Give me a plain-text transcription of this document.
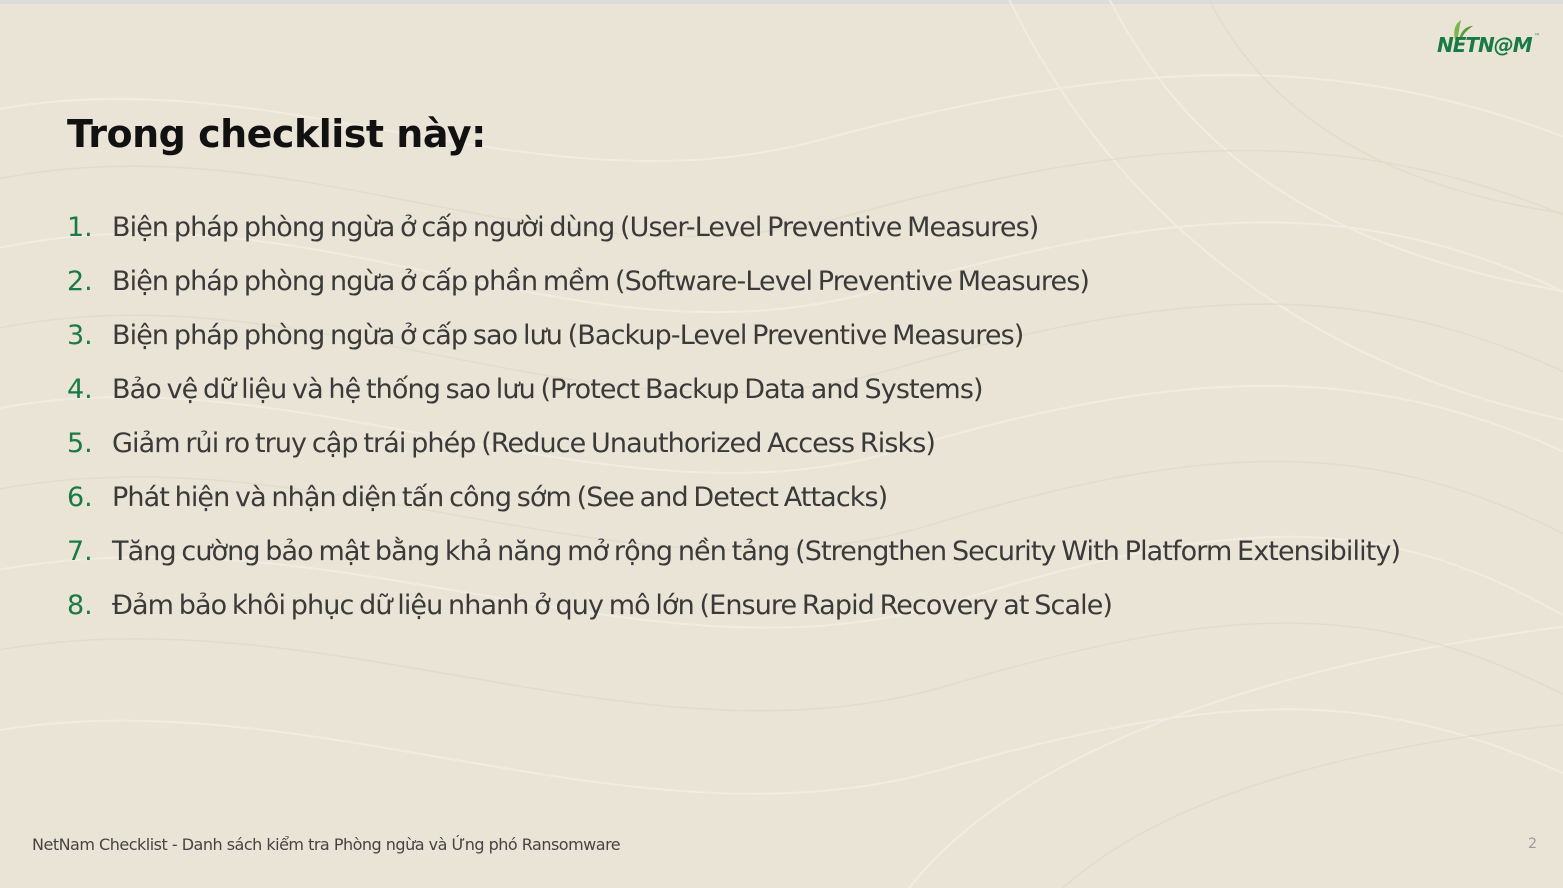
NETN@M ™
Trong checklist này:
1. Biện pháp phòng ngừa ở cấp người dùng (User-Level Preventive Measures)
2. Biện pháp phòng ngừa ở cấp phần mềm (Software-Level Preventive Measures)
3. Biện pháp phòng ngừa ở cấp sao lưu (Backup-Level Preventive Measures)
4. Bảo vệ dữ liệu và hệ thống sao lưu (Protect Backup Data and Systems)
5. Giảm rủi ro truy cập trái phép (Reduce Unauthorized Access Risks)
6. Phát hiện và nhận diện tấn công sớm (See and Detect Attacks)
7. Tăng cường bảo mật bằng khả năng mở rộng nền tảng (Strengthen Security With Platform Extensibility)
8. Đảm bảo khôi phục dữ liệu nhanh ở quy mô lớn (Ensure Rapid Recovery at Scale)
NetNam Checklist - Danh sách kiểm tra Phòng ngừa và Ứng phó Ransomware	2
